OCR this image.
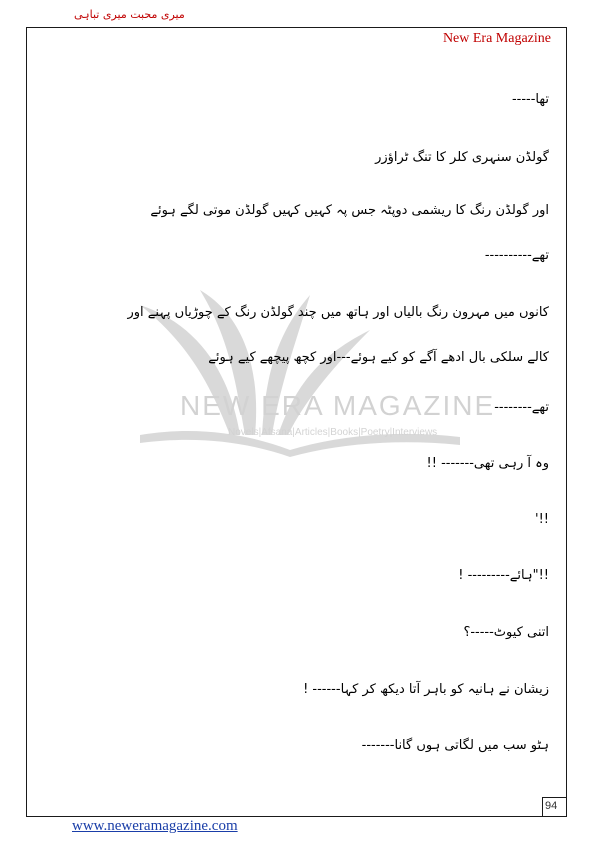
میری محبت میری تباہی
New Era Magazine
NEW ERA MAGAZINE
Novels|Afsana|Articles|Books|Poetry|Interviews
تھا-----
گولڈن سنہری کلر کا تنگ ٹراؤزر
اور گولڈن رنگ کا ریشمی دوپٹہ جس پہ کہیں کہیں گولڈن موتی لگے ہوئے
تھے----------
کانوں میں مہرون رنگ بالیاں اور ہاتھ میں چند گولڈن رنگ کے چوڑیاں پہنے اور
کالے سلکی بال ادھے آگے کو کیے ہوئے---اور کچھ پیچھے کیے ہوئے
تھے--------
وہ آ رہی تھی------- !!
!!'
!!"ہائے--------- !
اتنی کیوٹ-----؟
زیشان نے ہانیہ کو باہر آتا دیکھ کر کہا------ !
ہٹو سب میں لگاتی ہوں گانا-------
94
www.neweramagazine.com
